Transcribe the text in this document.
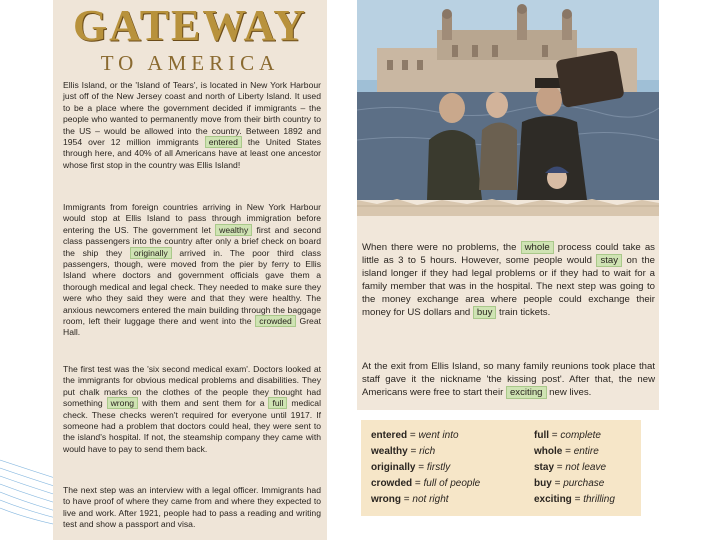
GATEWAY
TO AMERICA

Ellis Island, or the 'Island of Tears', is located in New York Harbour just off of the New Jersey coast and north of Liberty Island. It used to be a place where the government decided if immigrants – the people who wanted to permanently move from their birth country to the US – would be allowed into the country. Between 1892 and 1954 over 12 million immigrants entered the United States through here, and 40% of all Americans have at least one ancestor whose first stop in the country was Ellis Island!

Immigrants from foreign countries arriving in New York Harbour would stop at Ellis Island to pass through immigration before entering the US. The government let wealthy first and second class passengers into the country after only a brief check on board the ship they originally arrived in. The poor third class passengers, though, were moved from the pier by ferry to Ellis Island where doctors and government officials gave them a thorough medical and legal check. They needed to make sure they were who they said they were and that they were healthy. The anxious newcomers entered the main building through the baggage room, left their luggage there and went into the crowded Great Hall.

The first test was the 'six second medical exam'. Doctors looked at the immigrants for obvious medical problems and disabilities. They put chalk marks on the clothes of the people they thought had something wrong with them and sent them for a full medical check. These checks weren't required for everyone until 1917. If someone had a problem that doctors could heal, they were sent to the island's hospital. If not, the steamship company they came with would have to pay to send them back.

The next step was an interview with a legal officer. Immigrants had to have proof of where they came from and where they expected to live and work. After 1921, people had to pass a reading and writing test and show a passport and visa.

When there were no problems, the whole process could take as little as 3 to 5 hours. However, some people would stay on the island longer if they had legal problems or if they had to wait for a family member that was in the hospital. The next step was going to the money exchange area where people could exchange their money for US dollars and buy train tickets.

At the exit from Ellis Island, so many family reunions took place that staff gave it the nickname 'the kissing post'. After that, the new Americans were free to start their exciting new lives.

entered = went into
wealthy = rich
originally = firstly
crowded = full of people
wrong = not right
full = complete
whole = entire
stay = not leave
buy = purchase
exciting = thrilling
